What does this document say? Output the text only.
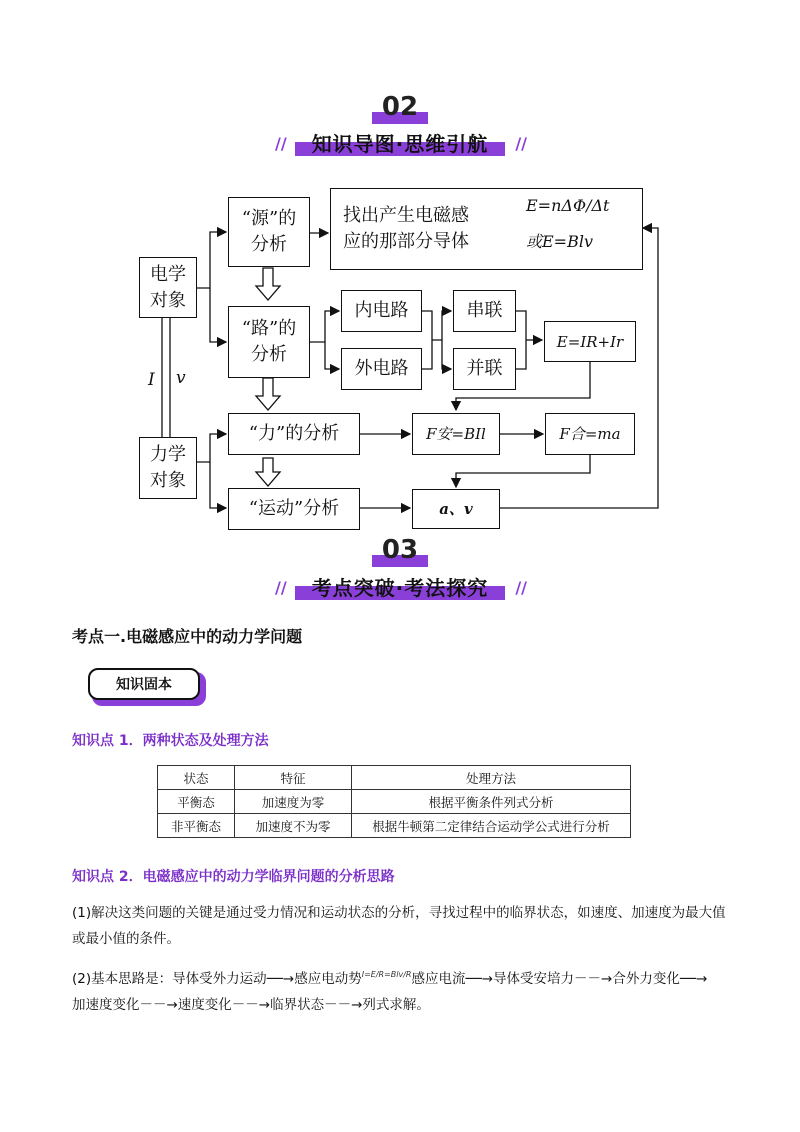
02
//	知识导图·思维引航	//
电学
对象
力学
对象
I v
“源”的
分析
找出产生电磁感
应的那部分导体
E=nΔΦ/Δt
或E=Blv
“路”的
分析
内电路
外电路
串联
并联
E=IR+Ir
“力”的分析	F安=BIl	F合=ma
“运动”分析	a、v
03
//	考点突破·考法探究	//
考点一.电磁感应中的动力学问题
知识固本
知识点 1．两种状态及处理方法
状态	特征	处理方法
平衡态	加速度为零	根据平衡条件列式分析
非平衡态	加速度不为零	根据牛顿第二定律结合运动学公式进行分析
知识点 2．电磁感应中的动力学临界问题的分析思路
(1)解决这类问题的关键是通过受力情况和运动状态的分析，寻找过程中的临界状态，如速度、加速度为最大值或最小值的条件。
(2)基本思路是：导体受外力运动──→感应电动势$^{I=E/R=Blv/R}$感应电流──→导体受安培力－－→合外力变化──→
加速度变化－－→速度变化－－→临界状态－－→列式求解。
